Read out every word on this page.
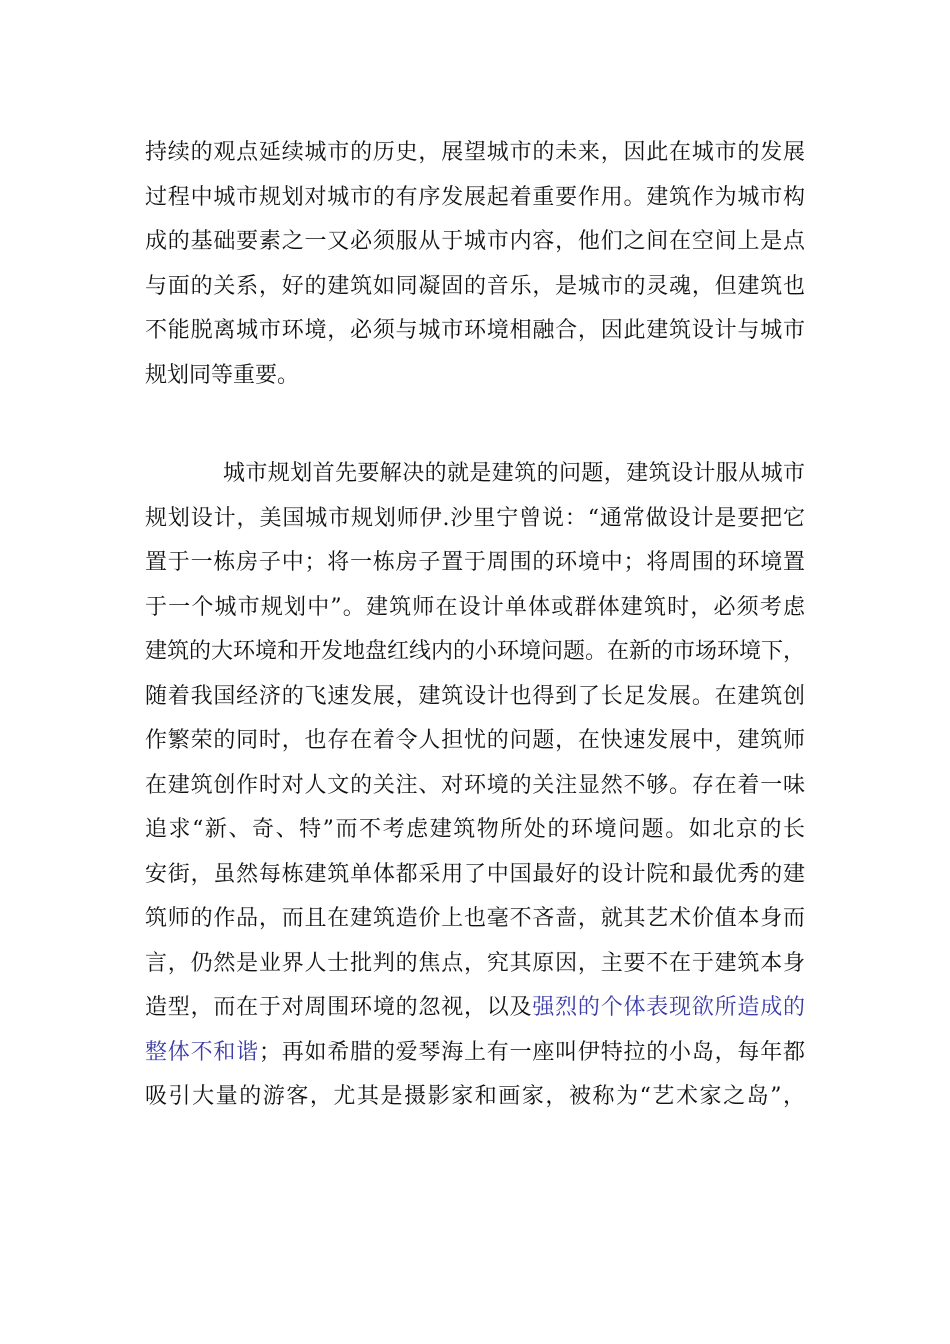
持续的观点延续城市的历史，展望城市的未来，因此在城市的发展
过程中城市规划对城市的有序发展起着重要作用。建筑作为城市构
成的基础要素之一又必须服从于城市内容，他们之间在空间上是点
与面的关系，好的建筑如同凝固的音乐，是城市的灵魂，但建筑也
不能脱离城市环境，必须与城市环境相融合，因此建筑设计与城市
规划同等重要。
城市规划首先要解决的就是建筑的问题，建筑设计服从城市
规划设计，美国城市规划师伊.沙里宁曾说：“通常做设计是要把它
置于一栋房子中；将一栋房子置于周围的环境中；将周围的环境置
于一个城市规划中”。建筑师在设计单体或群体建筑时，必须考虑
建筑的大环境和开发地盘红线内的小环境问题。在新的市场环境下，
随着我国经济的飞速发展，建筑设计也得到了长足发展。在建筑创
作繁荣的同时，也存在着令人担忧的问题，在快速发展中，建筑师
在建筑创作时对人文的关注、对环境的关注显然不够。存在着一味
追求“新、奇、特”而不考虑建筑物所处的环境问题。如北京的长
安街，虽然每栋建筑单体都采用了中国最好的设计院和最优秀的建
筑师的作品，而且在建筑造价上也毫不吝啬，就其艺术价值本身而
言，仍然是业界人士批判的焦点，究其原因，主要不在于建筑本身
造型，而在于对周围环境的忽视，以及强烈的个体表现欲所造成的
整体不和谐；再如希腊的爱琴海上有一座叫伊特拉的小岛，每年都
吸引大量的游客，尤其是摄影家和画家，被称为“艺术家之岛”，
